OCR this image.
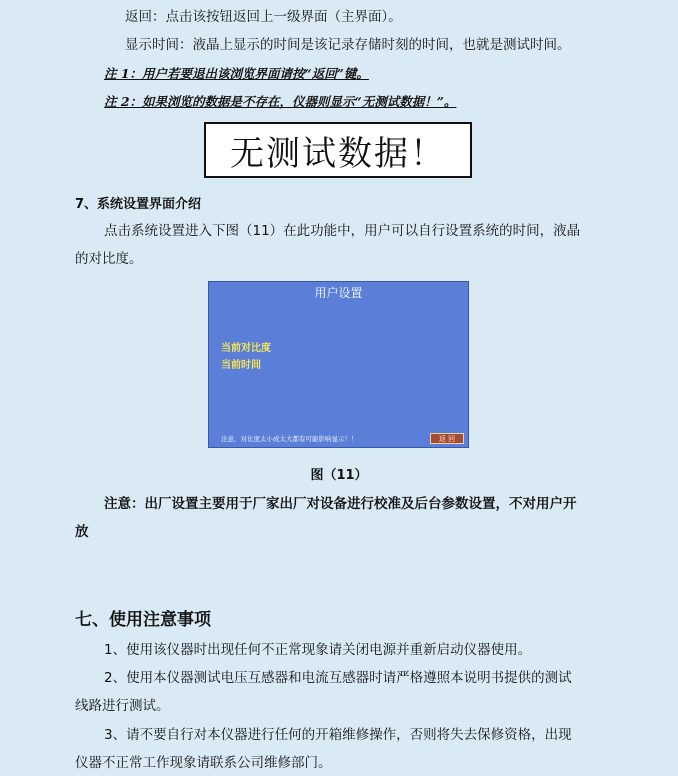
返回：点击该按钮返回上一级界面（主界面）。
显示时间：液晶上显示的时间是该记录存储时刻的时间，也就是测试时间。
注 1：用户若要退出该浏览界面请按“返回”键。
注 2：如果浏览的数据是不存在，仪器则显示“无测试数据！”。
无测试数据！
7、系统设置界面介绍
点击系统设置进入下图（11）在此功能中，用户可以自行设置系统的时间，液晶
的对比度。
用户设置
当前对比度
当前时间
注意，对比度太小或太大都有可能影响显示！！	返 回
图（11）
注意：出厂设置主要用于厂家出厂对设备进行校准及后台参数设置，不对用户开
放
七、使用注意事项
1、使用该仪器时出现任何不正常现象请关闭电源并重新启动仪器使用。
2、使用本仪器测试电压互感器和电流互感器时请严格遵照本说明书提供的测试
线路进行测试。
3、请不要自行对本仪器进行任何的开箱维修操作，否则将失去保修资格，出现
仪器不正常工作现象请联系公司维修部门。
